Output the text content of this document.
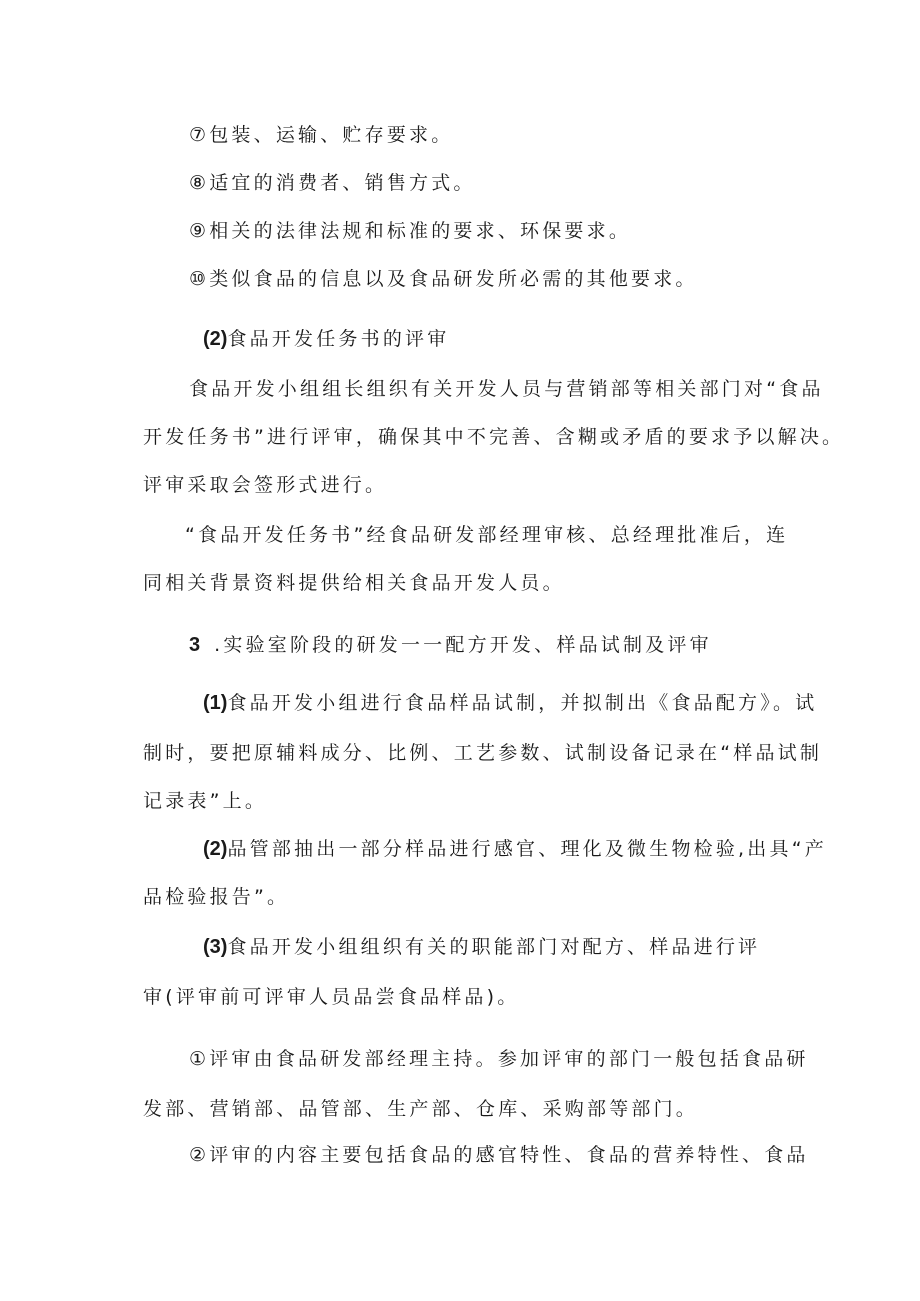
⑦包装、运输、贮存要求。
⑧适宜的消费者、销售方式。
⑨相关的法律法规和标准的要求、环保要求。
⑩类似食品的信息以及食品研发所必需的其他要求。
(2)食品开发任务书的评审
食品开发小组组长组织有关开发人员与营销部等相关部门对“食品
开发任务书”进行评审，确保其中不完善、含糊或矛盾的要求予以解决。
评审采取会签形式进行。
“食品开发任务书”经食品研发部经理审核、总经理批准后，连
同相关背景资料提供给相关食品开发人员。
3 .实验室阶段的研发一一配方开发、样品试制及评审
(1)食品开发小组进行食品样品试制，并拟制出《食品配方》。试
制时，要把原辅料成分、比例、工艺参数、试制设备记录在“样品试制
记录表”上。
(2)品管部抽出一部分样品进行感官、理化及微生物检验,出具“产
品检验报告”。
(3)食品开发小组组织有关的职能部门对配方、样品进行评
审(评审前可评审人员品尝食品样品)。
①评审由食品研发部经理主持。参加评审的部门一般包括食品研
发部、营销部、品管部、生产部、仓库、采购部等部门。
②评审的内容主要包括食品的感官特性、食品的营养特性、食品
